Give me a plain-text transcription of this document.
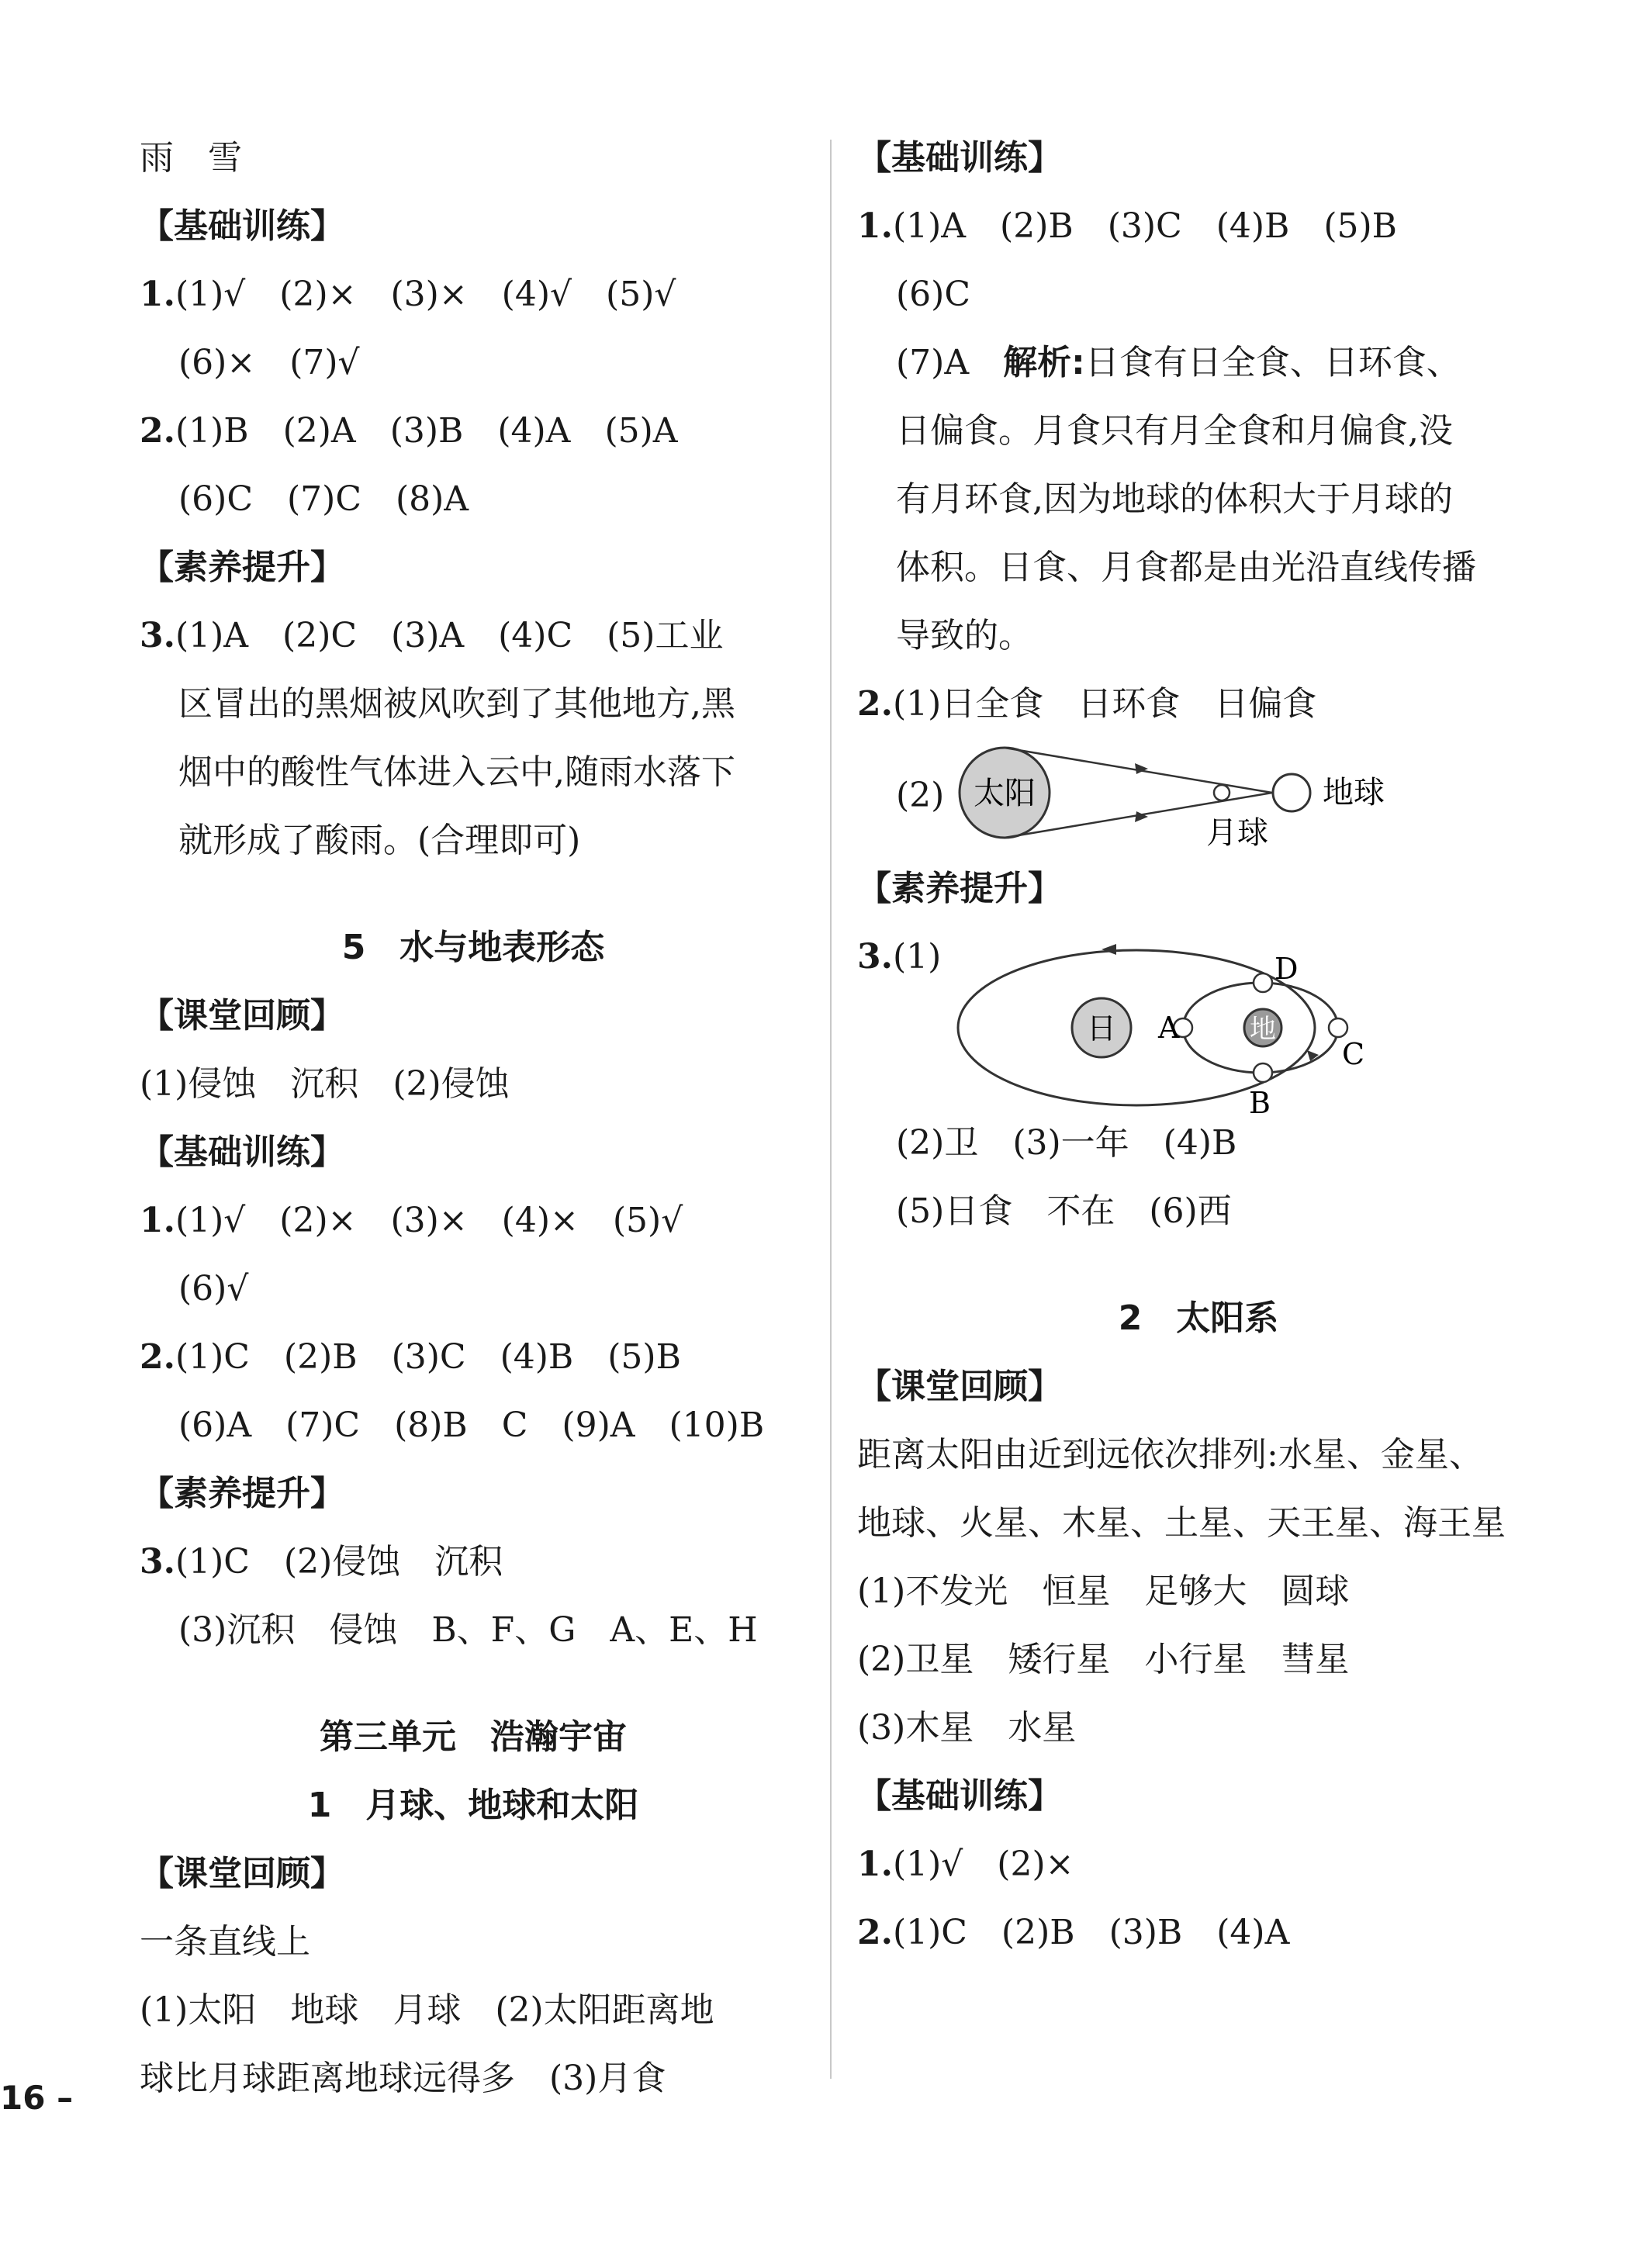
雨　雪
【基础训练】
1.(1)√　(2)×　(3)×　(4)√　(5)√
(6)×　(7)√
2.(1)B　(2)A　(3)B　(4)A　(5)A
(6)C　(7)C　(8)A
【素养提升】
3.(1)A　(2)C　(3)A　(4)C　(5)工业
区冒出的黑烟被风吹到了其他地方,黑
烟中的酸性气体进入云中,随雨水落下
就形成了酸雨。(合理即可)
5　水与地表形态
【课堂回顾】
(1)侵蚀　沉积　(2)侵蚀
【基础训练】
1.(1)√　(2)×　(3)×　(4)×　(5)√
(6)√
2.(1)C　(2)B　(3)C　(4)B　(5)B
(6)A　(7)C　(8)B　C　(9)A　(10)B
【素养提升】
3.(1)C　(2)侵蚀　沉积
(3)沉积　侵蚀　B、F、G　A、E、H
第三单元　浩瀚宇宙
1　月球、地球和太阳
【课堂回顾】
一条直线上
(1)太阳　地球　月球　(2)太阳距离地
球比月球距离地球远得多　(3)月食
【基础训练】
1.(1)A　(2)B　(3)C　(4)B　(5)B
(6)C
(7)A　解析:日食有日全食、日环食、
日偏食。月食只有月全食和月偏食,没
有月环食,因为地球的体积大于月球的
体积。日食、月食都是由光沿直线传播
导致的。
2.(1)日全食　日环食　日偏食
(2) 太阳
月球
地球
【素养提升】
3.(1)
日	地
A
D
C
B
(2)卫　(3)一年　(4)B
(5)日食　不在　(6)西
2　太阳系
【课堂回顾】
距离太阳由近到远依次排列:水星、金星、
地球、火星、木星、土星、天王星、海王星
(1)不发光　恒星　足够大　圆球
(2)卫星　矮行星　小行星　彗星
(3)木星　水星
【基础训练】
1.(1)√　(2)×
2.(1)C　(2)B　(3)B　(4)A
16 –
